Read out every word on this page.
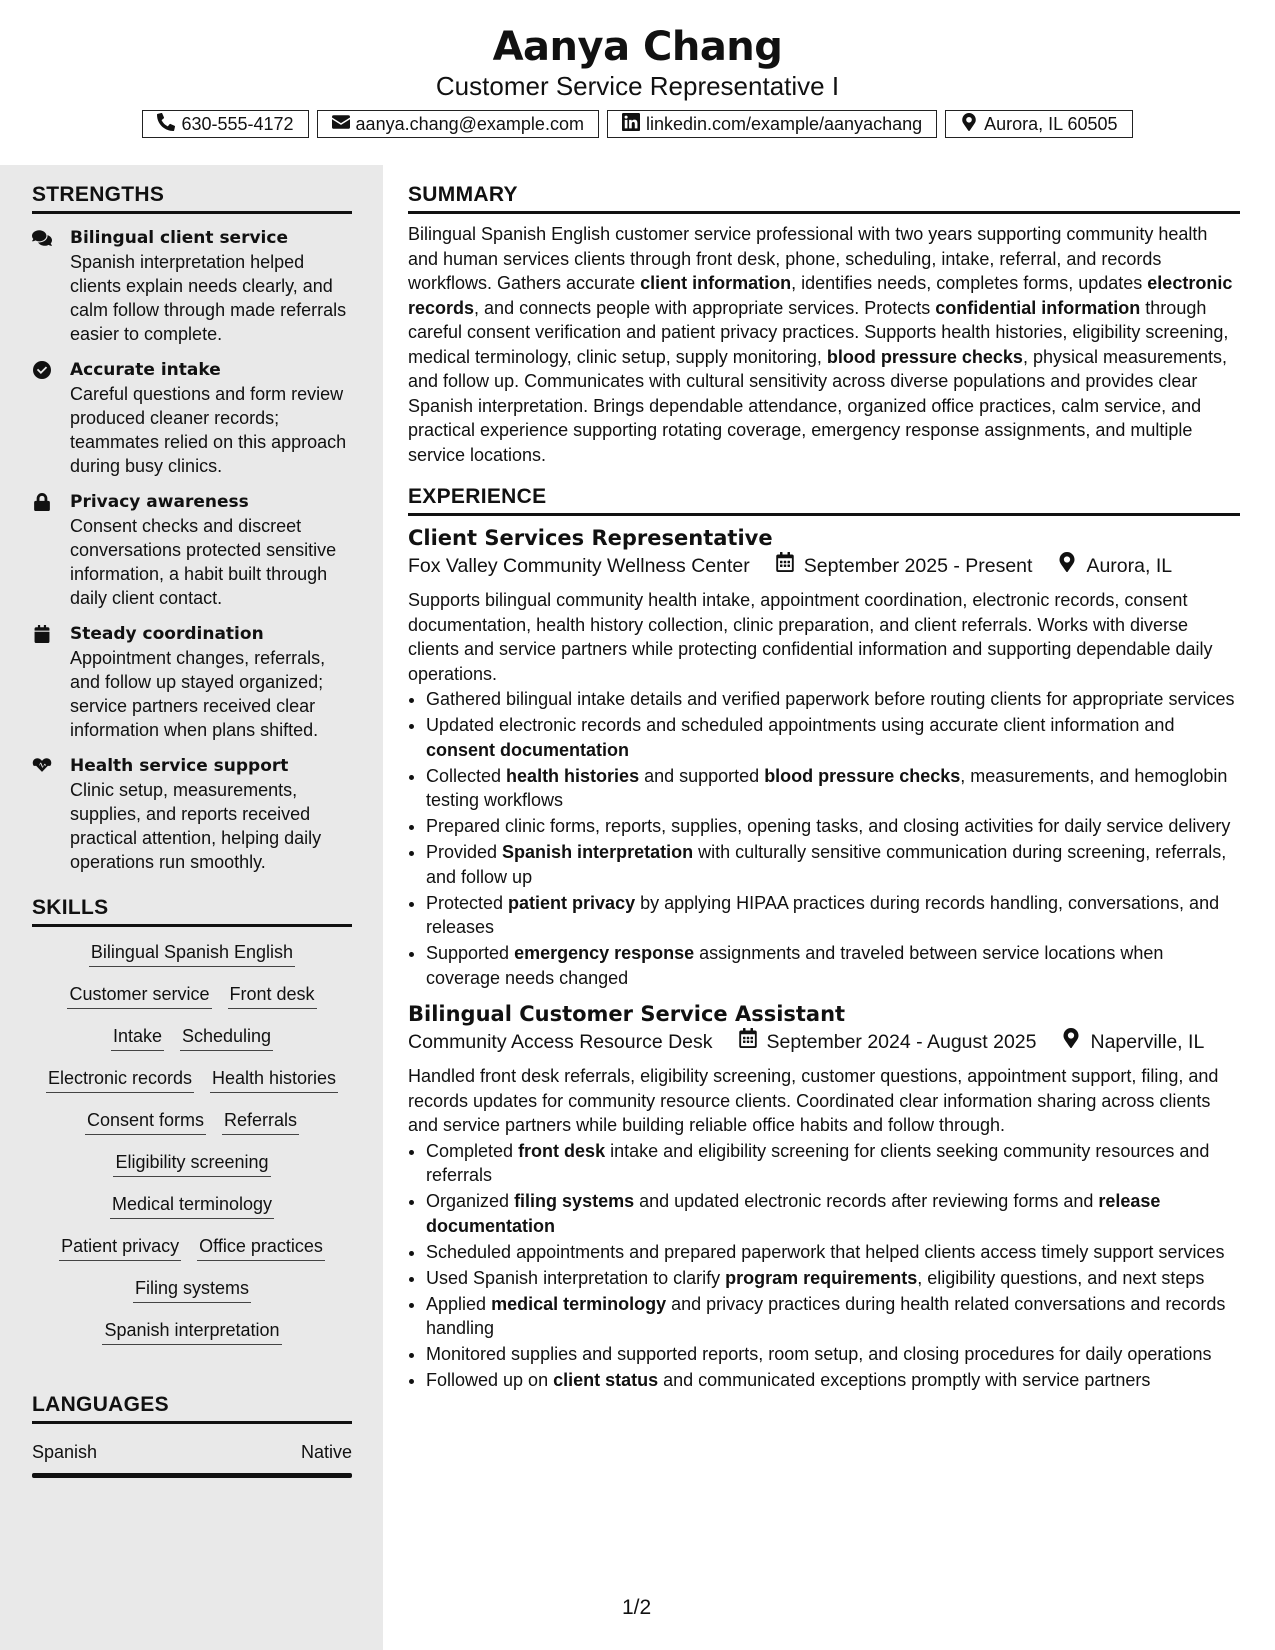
Aanya Chang
Customer Service Representative I
630-555-4172	aanya.chang@example.com	linkedin.com/example/aanyachang	Aurora, IL 60505
STRENGTHS
Bilingual client service
Spanish interpretation helped clients explain needs clearly, and calm follow through made referrals easier to complete.
Accurate intake
Careful questions and form review produced cleaner records; teammates relied on this approach during busy clinics.
Privacy awareness
Consent checks and discreet conversations protected sensitive information, a habit built through daily client contact.
Steady coordination
Appointment changes, referrals, and follow up stayed organized; service partners received clear information when plans shifted.
Health service support
Clinic setup, measurements, supplies, and reports received practical attention, helping daily operations run smoothly.
SKILLS
Bilingual Spanish English
Customer service Front desk
Intake Scheduling
Electronic records Health histories
Consent forms Referrals
Eligibility screening
Medical terminology
Patient privacy Office practices
Filing systems
Spanish interpretation
LANGUAGES
Spanish	Native
SUMMARY
Bilingual Spanish English customer service professional with two years supporting community health and human services clients through front desk, phone, scheduling, intake, referral, and records workflows. Gathers accurate client information, identifies needs, completes forms, updates electronic records, and connects people with appropriate services. Protects confidential information through careful consent verification and patient privacy practices. Supports health histories, eligibility screening, medical terminology, clinic setup, supply monitoring, blood pressure checks, physical measurements, and follow up. Communicates with cultural sensitivity across diverse populations and provides clear Spanish interpretation. Brings dependable attendance, organized office practices, calm service, and practical experience supporting rotating coverage, emergency response assignments, and multiple service locations.
EXPERIENCE
Client Services Representative
Fox Valley Community Wellness Center	September 2025 - Present	Aurora, IL
Supports bilingual community health intake, appointment coordination, electronic records, consent documentation, health history collection, clinic preparation, and client referrals. Works with diverse clients and service partners while protecting confidential information and supporting dependable daily operations.
• Gathered bilingual intake details and verified paperwork before routing clients for appropriate services
• Updated electronic records and scheduled appointments using accurate client information and consent documentation
• Collected health histories and supported blood pressure checks, measurements, and hemoglobin testing workflows
• Prepared clinic forms, reports, supplies, opening tasks, and closing activities for daily service delivery
• Provided Spanish interpretation with culturally sensitive communication during screening, referrals, and follow up
• Protected patient privacy by applying HIPAA practices during records handling, conversations, and releases
• Supported emergency response assignments and traveled between service locations when coverage needs changed
Bilingual Customer Service Assistant
Community Access Resource Desk	September 2024 - August 2025	Naperville, IL
Handled front desk referrals, eligibility screening, customer questions, appointment support, filing, and records updates for community resource clients. Coordinated clear information sharing across clients and service partners while building reliable office habits and follow through.
• Completed front desk intake and eligibility screening for clients seeking community resources and referrals
• Organized filing systems and updated electronic records after reviewing forms and release documentation
• Scheduled appointments and prepared paperwork that helped clients access timely support services
• Used Spanish interpretation to clarify program requirements, eligibility questions, and next steps
• Applied medical terminology and privacy practices during health related conversations and records handling
• Monitored supplies and supported reports, room setup, and closing procedures for daily operations
• Followed up on client status and communicated exceptions promptly with service partners
1/2
